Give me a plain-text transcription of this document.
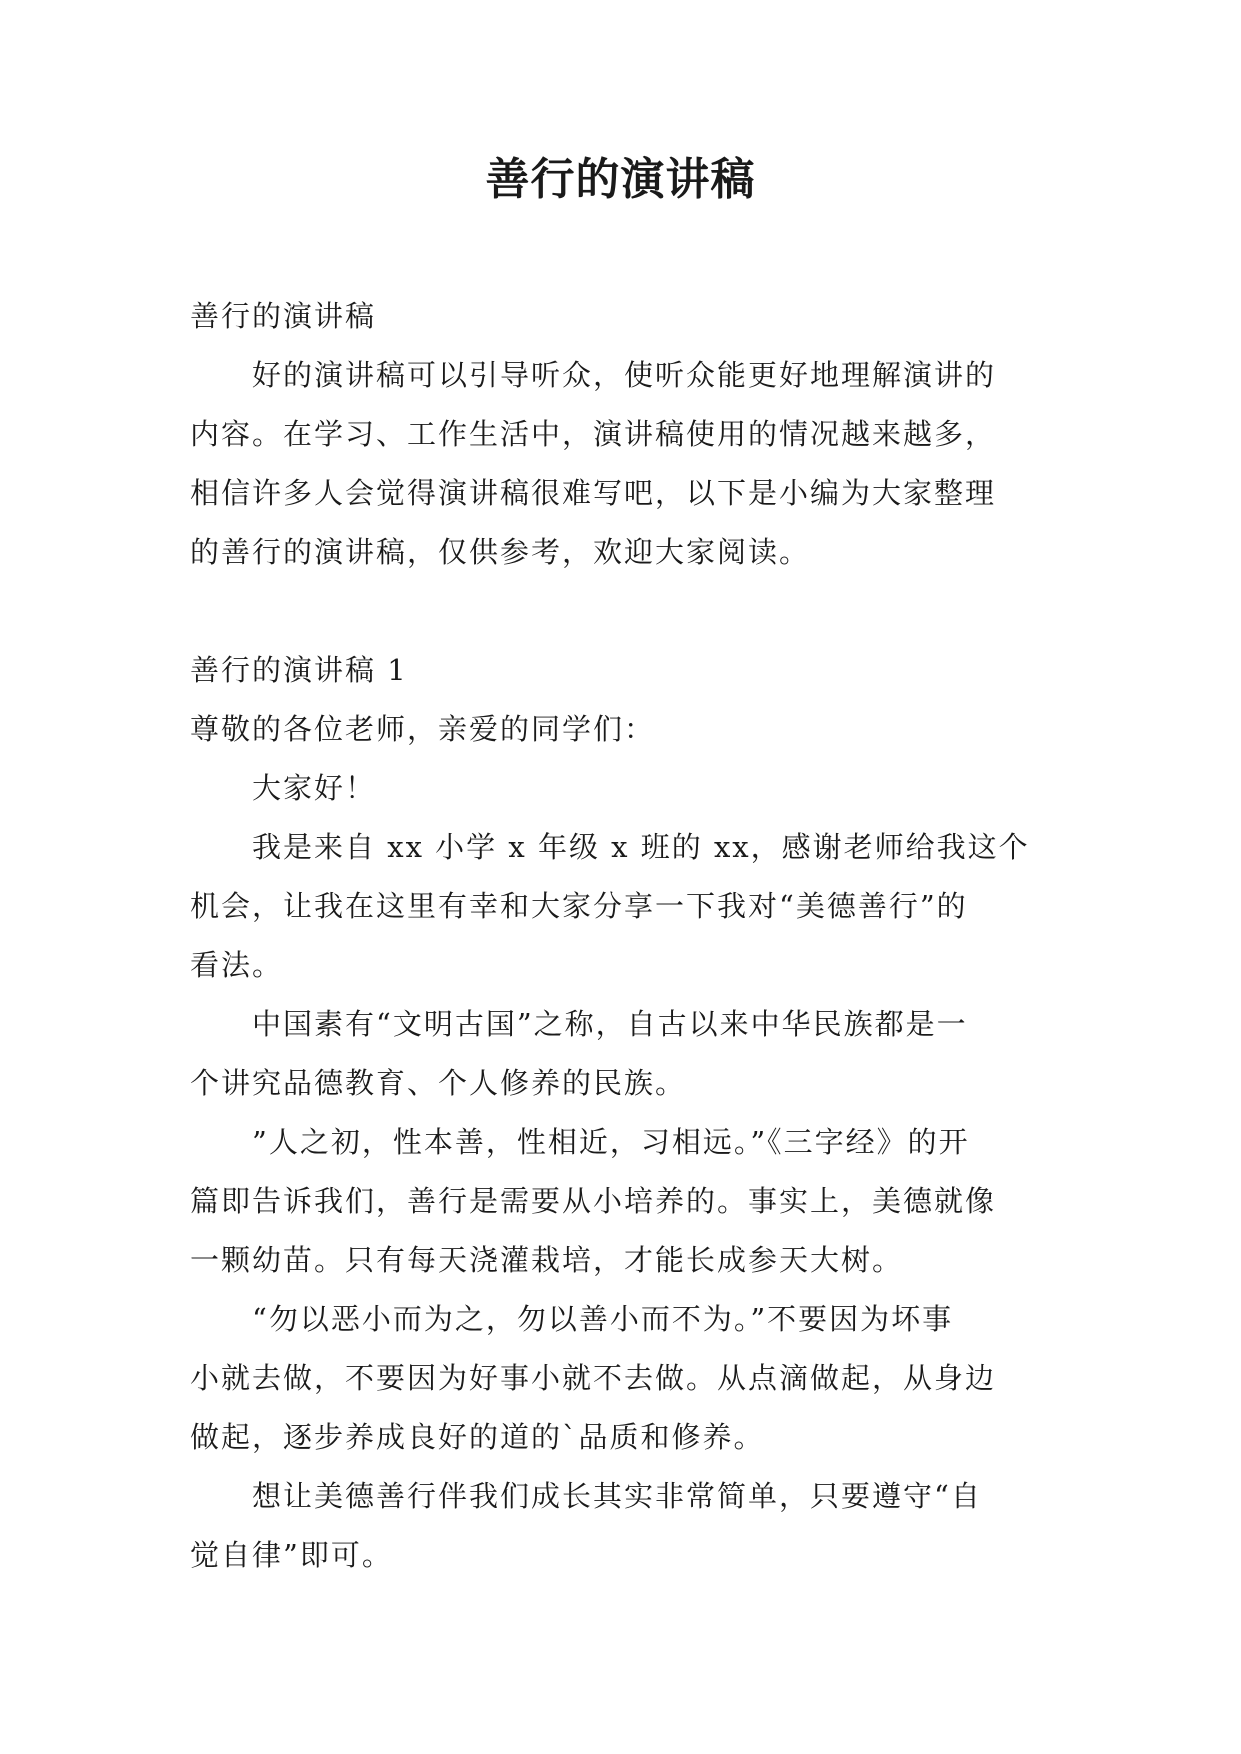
善行的演讲稿

善行的演讲稿

好的演讲稿可以引导听众，使听众能更好地理解演讲的

内容。在学习、工作生活中，演讲稿使用的情况越来越多，

相信许多人会觉得演讲稿很难写吧，以下是小编为大家整理

的善行的演讲稿，仅供参考，欢迎大家阅读。

善行的演讲稿 1

尊敬的各位老师，亲爱的同学们：

大家好！

我是来自 xx 小学 x 年级 x 班的 xx，感谢老师给我这个

机会，让我在这里有幸和大家分享一下我对“美德善行”的

看法。

中国素有“文明古国”之称，自古以来中华民族都是一

个讲究品德教育、个人修养的民族。

”人之初，性本善，性相近，习相远。”《三字经》的开

篇即告诉我们，善行是需要从小培养的。事实上，美德就像

一颗幼苗。只有每天浇灌栽培，才能长成参天大树。

“勿以恶小而为之，勿以善小而不为。”不要因为坏事

小就去做，不要因为好事小就不去做。从点滴做起，从身边

做起，逐步养成良好的道的`品质和修养。

想让美德善行伴我们成长其实非常简单，只要遵守“自

觉自律”即可。
